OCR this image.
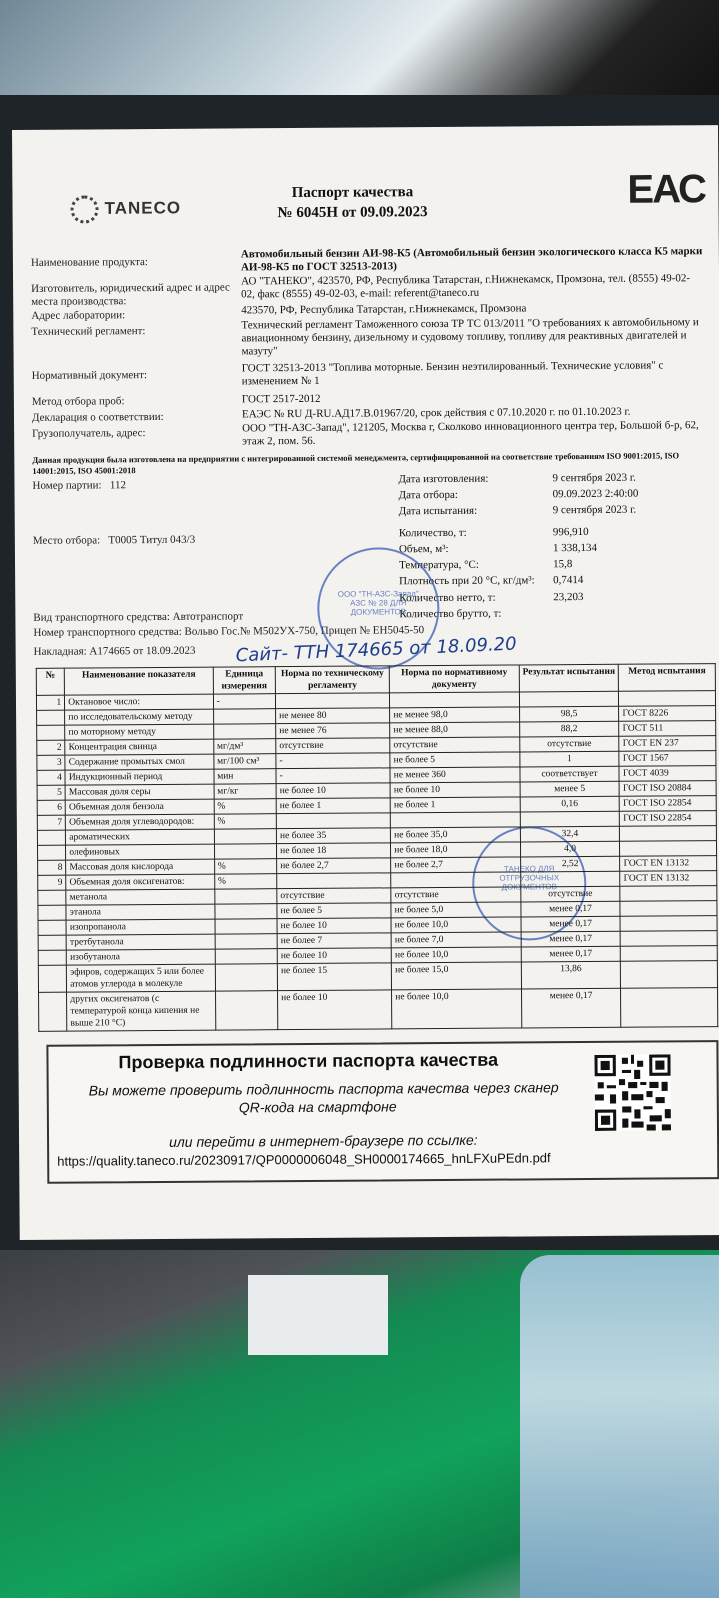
TANECO
Паспорт качества
№ 6045Н от 09.09.2023
ЕАС
Наименование продукта:
Автомобильный бензин АИ-98-К5 (Автомобильный бензин экологического класса К5 марки АИ-98-К5 по ГОСТ 32513-2013)
Изготовитель, юридический адрес и адрес места производства:
АО "ТАНЕКО", 423570, РФ, Республика Татарстан, г.Нижнекамск, Промзона, тел. (8555) 49-02-02, факс (8555) 49-02-03, e-mail: referent@taneco.ru
Адрес лаборатории:	423570, РФ, Республика Татарстан, г.Нижнекамск, Промзона
Технический регламент:
Технический регламент Таможенного союза ТР ТС 013/2011 "О требованиях к автомобильному и авиационному бензину, дизельному и судовому топливу, топливу для реактивных двигателей и мазуту"
Нормативный документ:
ГОСТ 32513-2013 "Топлива моторные. Бензин неэтилированный. Технические условия" с изменением № 1
Метод отбора проб:	ГОСТ 2517-2012
Декларация о соответствии:	ЕАЭС № RU Д-RU.АД17.В.01967/20, срок действия с 07.10.2020 г. по 01.10.2023 г.
Грузополучатель, адрес:	ООО "ТН-АЗС-Запад", 121205, Москва г, Сколково инновационного центра тер, Большой б-р, 62, этаж 2, пом. 56.
Данная продукция была изготовлена на предприятии с интегрированной системой менеджмента, сертифицированной на соответствие требованиям ISO 9001:2015, ISO 14001:2015, ISO 45001:2018
Номер партии: 112
Место отбора: Т0005 Титул 043/3
Дата изготовления:	9 сентября 2023 г.
Дата отбора:	09.09.2023 2:40:00
Дата испытания:	9 сентября 2023 г.
Количество, т:	996,910
Объем, м³:	1 338,134
Температура, °С:	15,8
Плотность при 20 °С, кг/дм³: 0,7414
Количество нетто, т:	23,203
Количество брутто, т:
Вид транспортного средства: Автотранспорт
Номер транспортного средства: Вольво Гос.№ М502УХ-750, Прицеп № ЕН5045-50
Накладная: А174665 от 18.09.2023
ООО "ТН-АЗС-Запад" АЗС № 28 ДЛЯ ДОКУМЕНТОВ
ТАНЕКО ДЛЯ ОТГРУЗОЧНЫХ ДОКУМЕНТОВ
Сайт- ТТН 174665 от 18.09.20
№	Наименование показателя	Единица измерения	Норма по техническому регламенту	Норма по нормативному документу	Результат испытания	Метод испытания
1	Октановое число:	-				
	по исследовательскому методу		не менее 80	не менее 98,0	98,5	ГОСТ 8226
	по моторному методу		не менее 76	не менее 88,0	88,2	ГОСТ 511
2	Концентрация свинца	мг/дм³	отсутствие	отсутствие	отсутствие	ГОСТ EN 237
3	Содержание промытых смол	мг/100 см³	-	не более 5	1	ГОСТ 1567
4	Индукционный период	мин	-	не менее 360	соответствует	ГОСТ 4039
5	Массовая доля серы	мг/кг	не более 10	не более 10	менее 5	ГОСТ ISO 20884
6	Объемная доля бензола	%	не более 1	не более 1	0,16	ГОСТ ISO 22854
7	Объемная доля углеводородов:	%				ГОСТ ISO 22854
	ароматических		не более 35	не более 35,0	32,4	
	олефиновых		не более 18	не более 18,0	4,0	
8	Массовая доля кислорода	%	не более 2,7	не более 2,7	2,52	ГОСТ EN 13132
9	Объемная доля оксигенатов:	%				ГОСТ EN 13132
	метанола		отсутствие	отсутствие	отсутствие	
	этанола		не более 5	не более 5,0	менее 0,17	
	изопропанола		не более 10	не более 10,0	менее 0,17	
	третбутанола		не более 7	не более 7,0	менее 0,17	
	изобутанола		не более 10	не более 10,0	менее 0,17	
	эфиров, содержащих 5 или более атомов углерода в молекуле		не более 15	не более 15,0	13,86	
	других оксигенатов (с температурой конца кипения не выше 210 °С)		не более 10	не более 10,0	менее 0,17	
Проверка подлинности паспорта качества
Вы можете проверить подлинность паспорта качества через сканер
QR-кода на смартфоне
или перейти в интернет-браузере по ссылке:
https://quality.taneco.ru/20230917/QP0000006048_SH0000174665_hnLFXuPEdn.pdf
